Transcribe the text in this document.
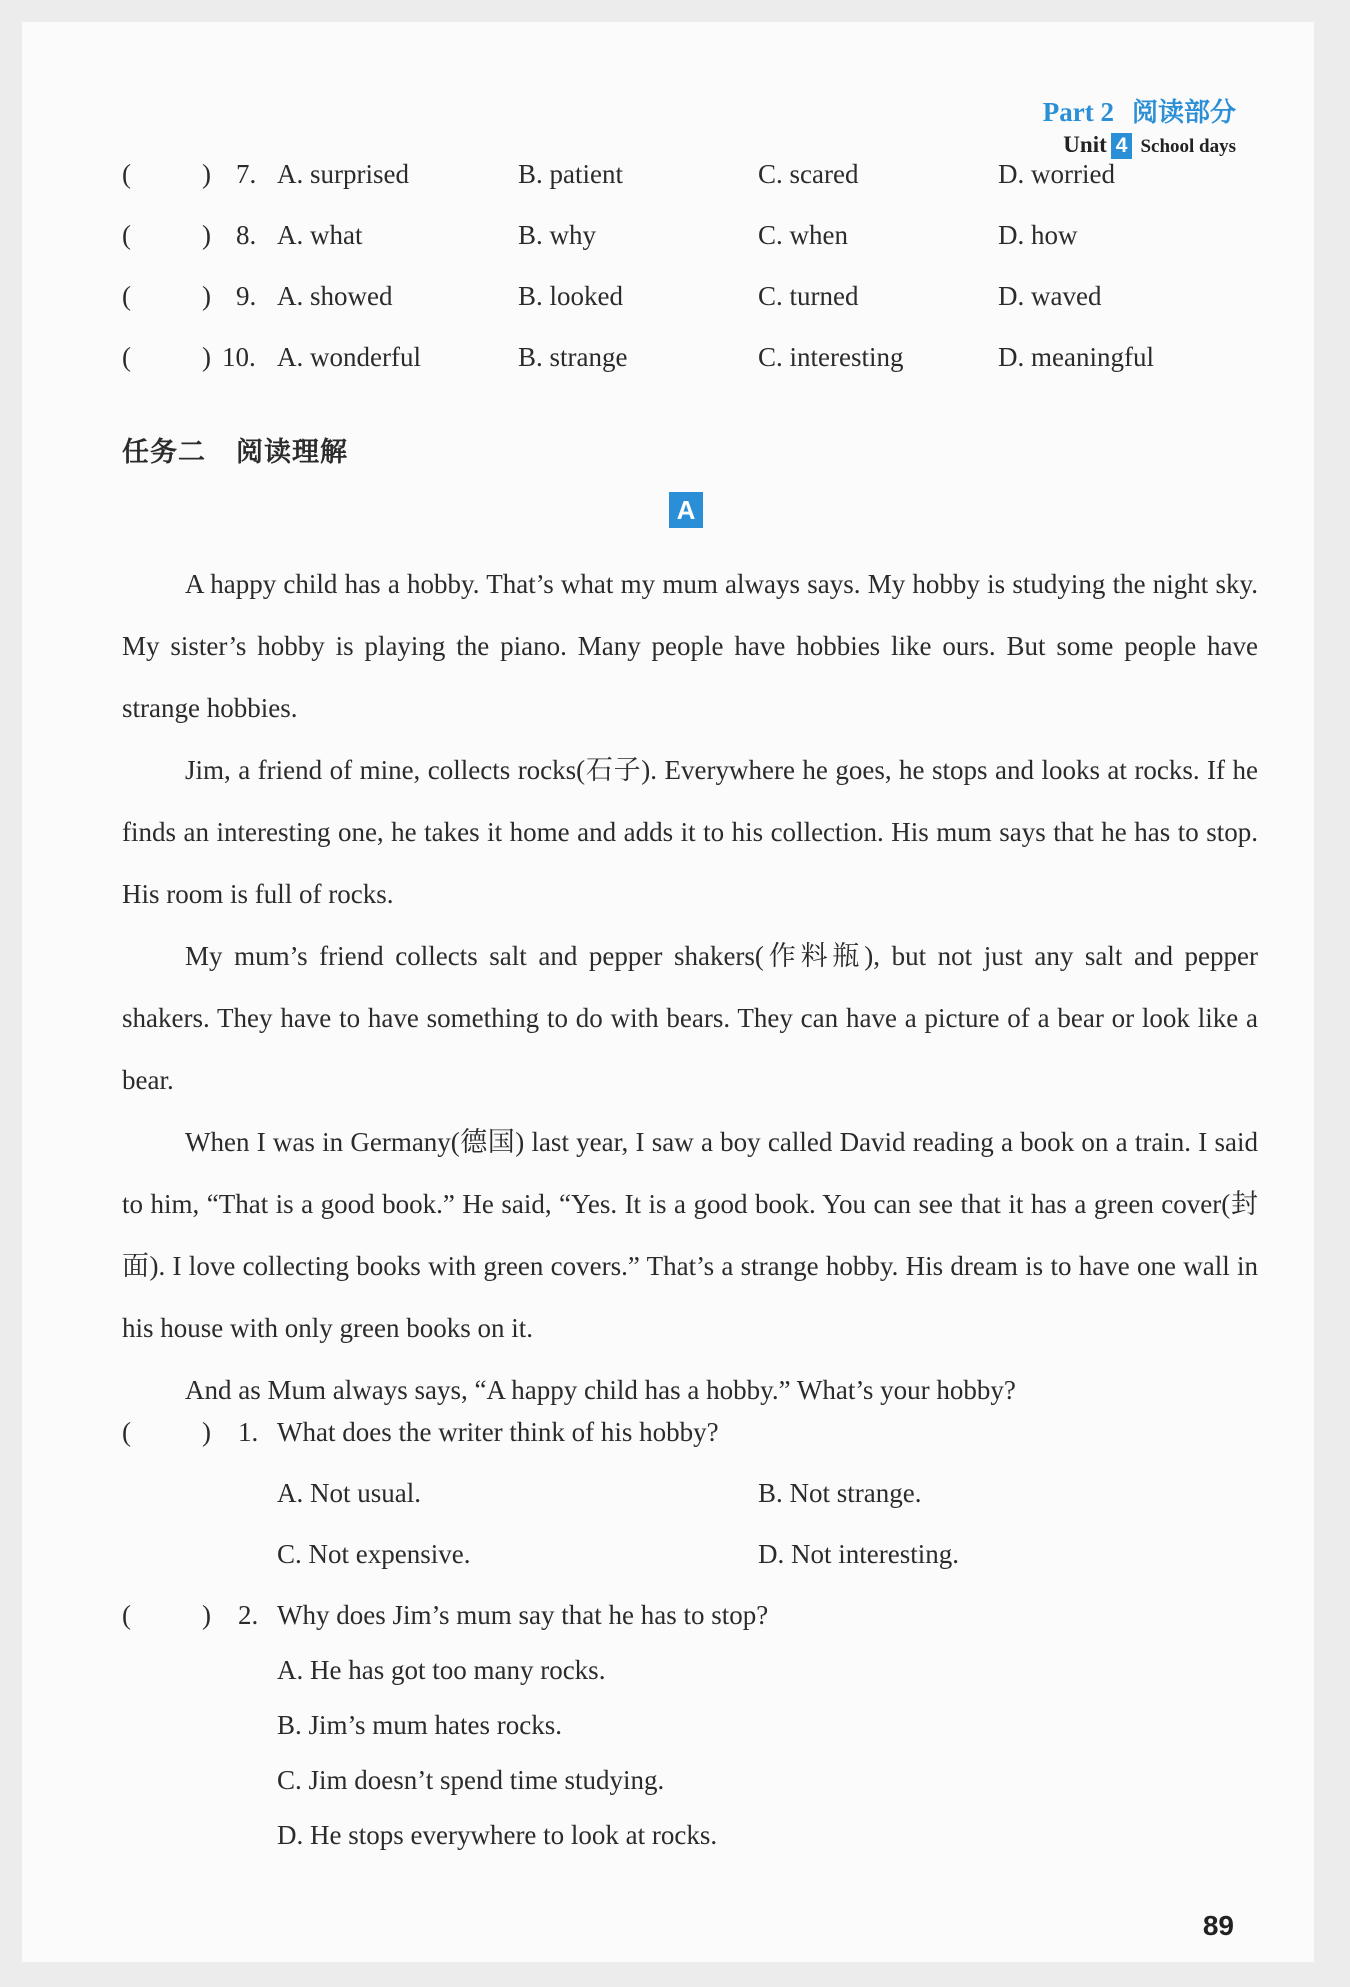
Part 2 阅读部分
Unit 4 School days
(	) 7. A. surprised	B. patient	C. scared	D. worried
(	) 8. A. what	B. why	C. when	D. how
(	) 9. A. showed	B. looked	C. turned	D. waved
(	) 10. A. wonderful	B. strange	C. interesting	D. meaningful
任务二 阅读理解
A

A happy child has a hobby. That’s what my mum always says. My hobby is studying the night sky. My sister’s hobby is playing the piano. Many people have hobbies like ours. But some people have strange hobbies.

Jim, a friend of mine, collects rocks(石子). Everywhere he goes, he stops and looks at rocks. If he finds an interesting one, he takes it home and adds it to his collection. His mum says that he has to stop. His room is full of rocks.

My mum’s friend collects salt and pepper shakers(作料瓶), but not just any salt and pepper shakers. They have to have something to do with bears. They can have a picture of a bear or look like a bear.

When I was in Germany(德国) last year, I saw a boy called David reading a book on a train. I said to him, “That is a good book.” He said, “Yes. It is a good book. You can see that it has a green cover(封面). I love collecting books with green covers.” That’s a strange hobby. His dream is to have one wall in his house with only green books on it.

And as Mum always says, “A happy child has a hobby.” What’s your hobby?

(	) 1. What does the writer think of his hobby?
A. Not usual.	B. Not strange.
C. Not expensive.	D. Not interesting.
(	) 2. Why does Jim’s mum say that he has to stop?
A. He has got too many rocks.
B. Jim’s mum hates rocks.
C. Jim doesn’t spend time studying.
D. He stops everywhere to look at rocks.
89
